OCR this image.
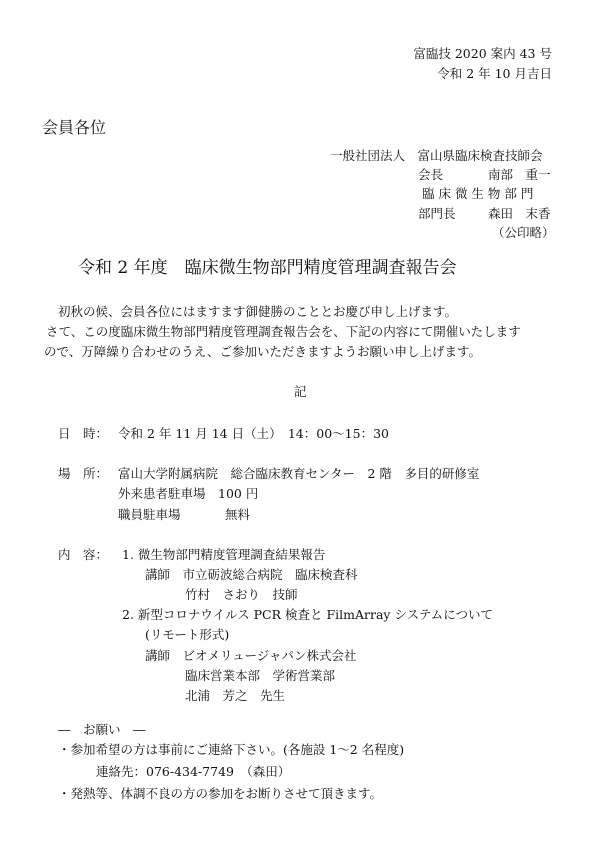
富臨技 2020 案内 43 号
令和 2 年 10 月吉日
会員各位
一般社団法人　富山県臨床検査技師会
会長	南部　重一
臨 床 微 生 物 部 門
部門長	森田　末香
（公印略）
令和 2 年度　臨床微生物部門精度管理調査報告会
初秋の候、会員各位にはますます御健勝のこととお慶び申し上げます。
さて、この度臨床微生物部門精度管理調査報告会を、下記の内容にて開催いたします
ので、万障繰り合わせのうえ、ご参加いただきますようお願い申し上げます。
記
日　時： 令和 2 年 11 月 14 日（土）　14：00〜15：30
場　所： 富山大学附属病院　総合臨床教育センター　2 階　多目的研修室
外来患者駐車場　100 円
職員駐車場	無料
内　容： 1. 微生物部門精度管理調査結果報告
講師　市立砺波総合病院　臨床検査科
竹村　さおり　技師
2. 新型コロナウイルス PCR 検査と FilmArray システムについて
(リモート形式)
講師　ビオメリュージャパン株式会社
臨床営業本部　学術営業部
北浦　芳之　先生
―　お願い　―
・参加希望の方は事前にご連絡下さい。(各施設 1〜2 名程度)
連絡先：076-434-7749　（森田）
・発熱等、体調不良の方の参加をお断りさせて頂きます。
